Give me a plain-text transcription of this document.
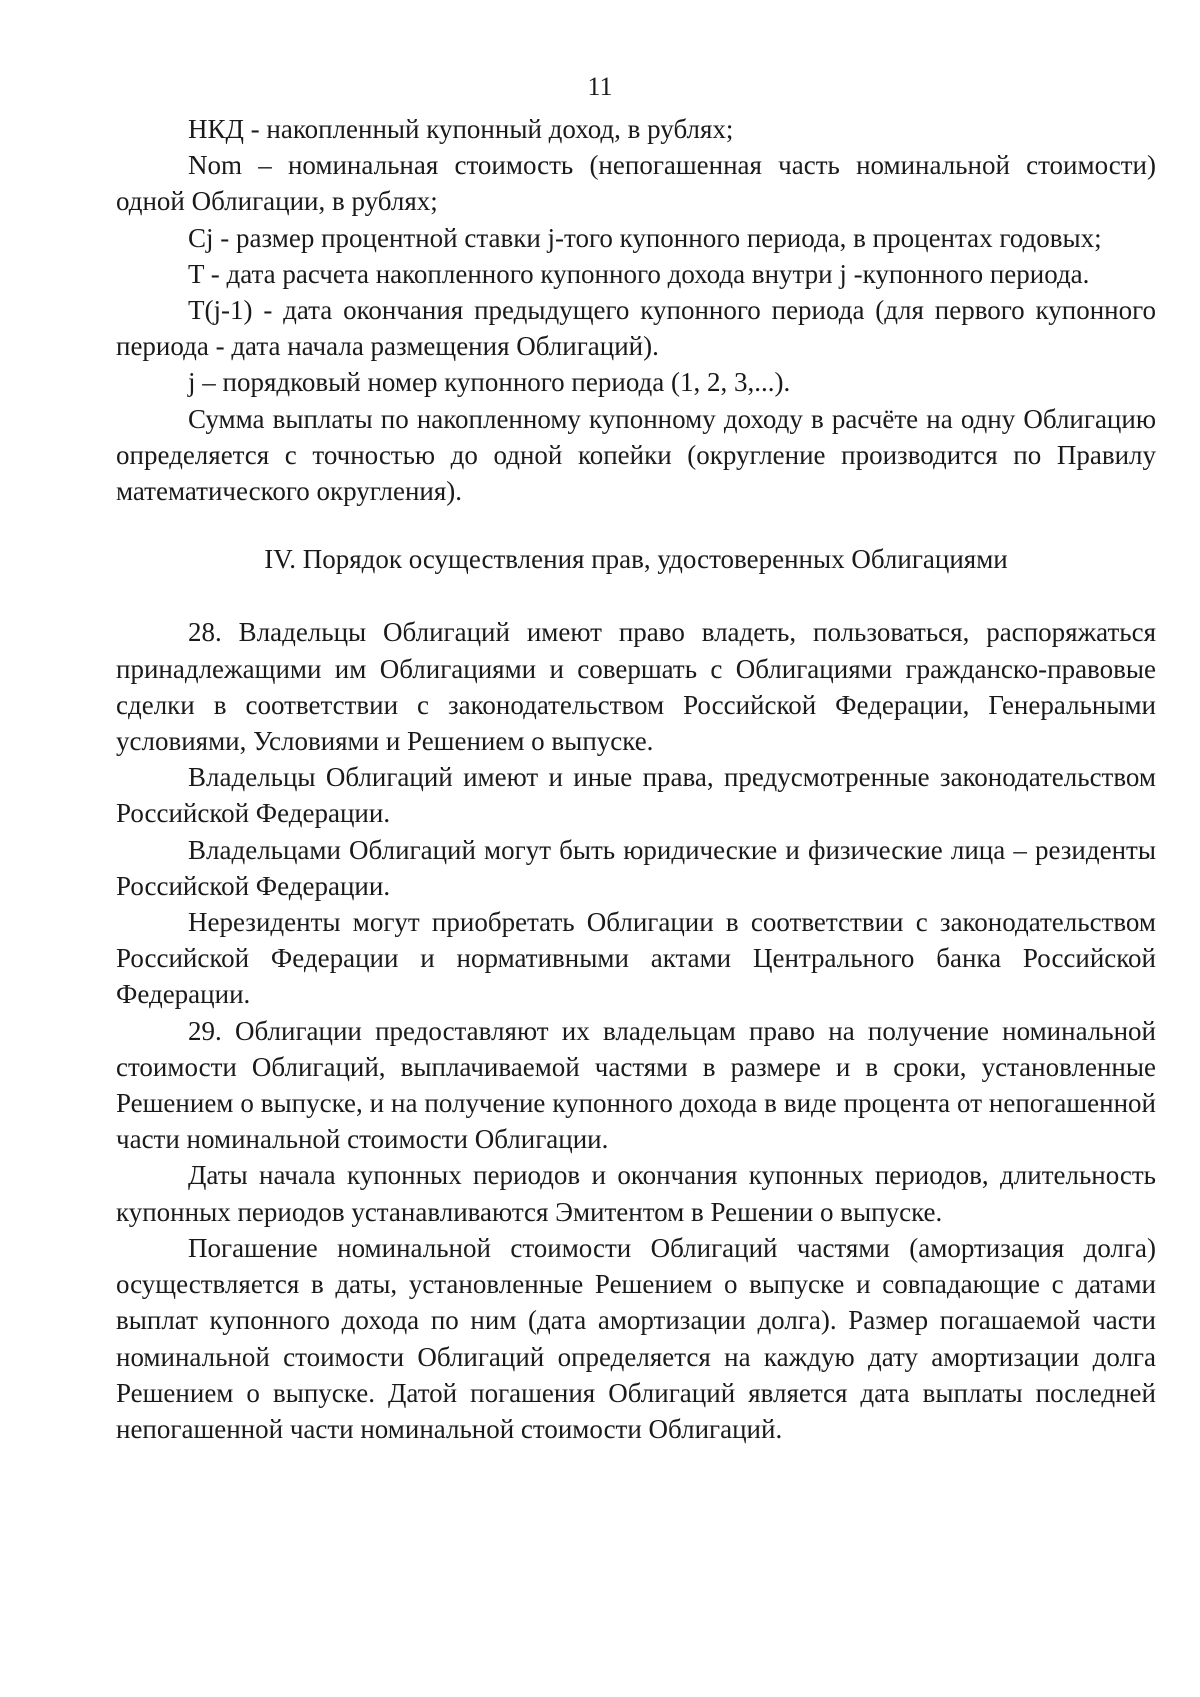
11

НКД - накопленный купонный доход, в рублях;

Nom – номинальная стоимость (непогашенная часть номинальной стоимости) одной Облигации, в рублях;

Cj - размер процентной ставки j-того купонного периода, в процентах годовых;

T - дата расчета накопленного купонного дохода внутри j -купонного периода.

T(j-1) - дата окончания предыдущего купонного периода (для первого купонного периода - дата начала размещения Облигаций).

j – порядковый номер купонного периода (1, 2, 3,...).

Сумма выплаты по накопленному купонному доходу в расчёте на одну Облигацию определяется с точностью до одной копейки (округление производится по Правилу математического округления).

IV. Порядок осуществления прав, удостоверенных Облигациями

28. Владельцы Облигаций имеют право владеть, пользоваться, распоряжаться принадлежащими им Облигациями и совершать с Облигациями гражданско-правовые сделки в соответствии с законодательством Российской Федерации, Генеральными условиями, Условиями и Решением о выпуске.

Владельцы Облигаций имеют и иные права, предусмотренные законодательством Российской Федерации.

Владельцами Облигаций могут быть юридические и физические лица – резиденты Российской Федерации.

Нерезиденты могут приобретать Облигации в соответствии с законодательством Российской Федерации и нормативными актами Центрального банка Российской Федерации.

29. Облигации предоставляют их владельцам право на получение номинальной стоимости Облигаций, выплачиваемой частями в размере и в сроки, установленные Решением о выпуске, и на получение купонного дохода в виде процента от непогашенной части номинальной стоимости Облигации.

Даты начала купонных периодов и окончания купонных периодов, длительность купонных периодов устанавливаются Эмитентом в Решении о выпуске.

Погашение номинальной стоимости Облигаций частями (амортизация долга) осуществляется в даты, установленные Решением о выпуске и совпадающие с датами выплат купонного дохода по ним (дата амортизации долга). Размер погашаемой части номинальной стоимости Облигаций определяется на каждую дату амортизации долга Решением о выпуске. Датой погашения Облигаций является дата выплаты последней непогашенной части номинальной стоимости Облигаций.
